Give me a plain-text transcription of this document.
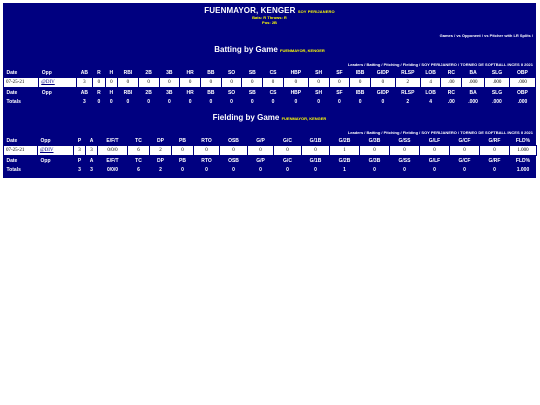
FUENMAYOR, KENGER SOY PERIJANERO
Bats: R Throws: R
Pos: 2B
Games / vs Opponent / vs Pitcher with LR Splits /
Batting by Game FUENMAYOR, KENGER
Leaders / Batting / Pitching / Fielding / SOY PERIJANERO / TORNEO DE SOFTBALL INCES II 2021
Date	Opp	AB	R	H	RBI	2B	3B	HR	BB	SO	SB	CS	HBP	SH	SF	IBB	GIDP	RLSP	LOB	RC	BA	SLG	OBP
07-25-21	@DIV	3	0	0	0	0	0	0	0	0	0	0	0	0	0	0	0	2	4	.00	.000	.000	.000
Date	Opp	AB	R	H	RBI	2B	3B	HR	BB	SO	SB	CS	HBP	SH	SF	IBB	GIDP	RLSP	LOB	RC	BA	SLG	OBP
Totals		3	0	0	0	0	0	0	0	0	0	0	0	0	0	0	0	2	4	.00	.000	.000	.000
Fielding by Game FUENMAYOR, KENGER
Leaders / Batting / Pitching / Fielding / SOY PERIJANERO / TORNEO DE SOFTBALL INCES II 2021
Date	Opp	P	A	E/F/T	TC	DP	PB	RTO	OSB	G/P	G/C	G/1B	G/2B	G/3B	G/SS	G/LF	G/CF	G/RF	FLD%
07-25-21	@DIV	3	3	0/0/0	6	2	0	0	0	0	0	0	1	0	0	0	0	0	1.000
Date	Opp	P	A	E/F/T	TC	DP	PB	RTO	OSB	G/P	G/C	G/1B	G/2B	G/3B	G/SS	G/LF	G/CF	G/RF	FLD%
Totals		3	3	0/0/0	6	2	0	0	0	0	0	0	1	0	0	0	0	0	1.000
